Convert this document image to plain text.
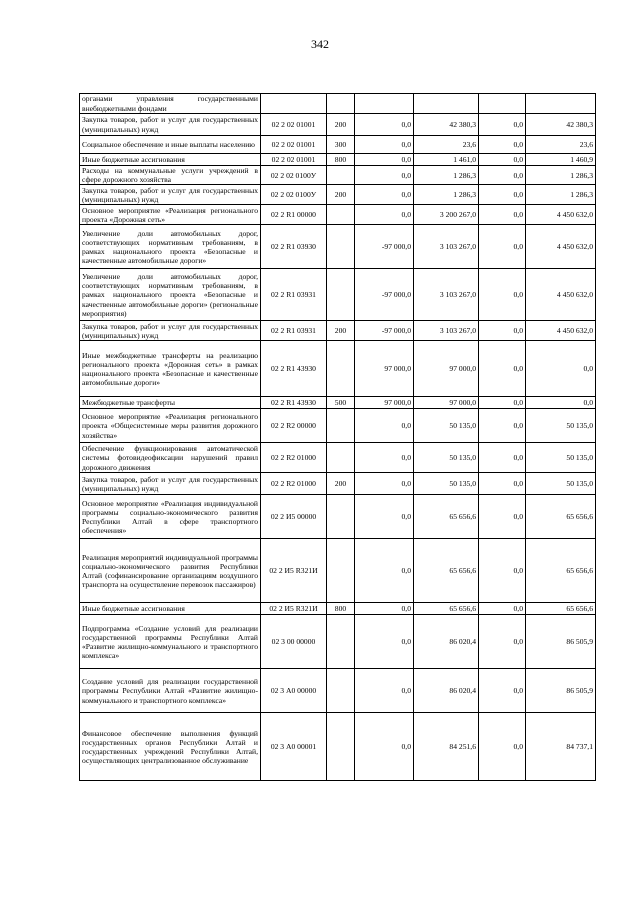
342
органами управления государственными внебюджетными фондами						
Закупка товаров, работ и услуг для государственных (муниципальных) нужд	02 2 02 01001	200	0,0	42 380,3	0,0	42 380,3
Социальное обеспечение и иные выплаты населению	02 2 02 01001	300	0,0	23,6	0,0	23,6
Иные бюджетные ассигнования	02 2 02 01001	800	0,0	1 461,0	0,0	1 460,9
Расходы на коммунальные услуги учреждений в сфере дорожного хозяйства	02 2 02 0100У		0,0	1 286,3	0,0	1 286,3
Закупка товаров, работ и услуг для государственных (муниципальных) нужд	02 2 02 0100У	200	0,0	1 286,3	0,0	1 286,3
Основное мероприятие «Реализация регионального проекта «Дорожная сеть»	02 2 R1 00000		0,0	3 200 267,0	0,0	4 450 632,0
Увеличение доли автомобильных дорог, соответствующих нормативным требованиям, в рамках национального проекта «Безопасные и качественные автомобильные дороги»	02 2 R1 03930		-97 000,0	3 103 267,0	0,0	4 450 632,0
Увеличение доли автомобильных дорог, соответствующих нормативным требованиям, в рамках национального проекта «Безопасные и качественные автомобильные дороги» (региональные мероприятия)	02 2 R1 03931		-97 000,0	3 103 267,0	0,0	4 450 632,0
Закупка товаров, работ и услуг для государственных (муниципальных) нужд	02 2 R1 03931	200	-97 000,0	3 103 267,0	0,0	4 450 632,0
Иные межбюджетные трансферты на реализацию регионального проекта «Дорожная сеть» в рамках национального проекта «Безопасные и качественные автомобильные дороги»	02 2 R1 43930		97 000,0	97 000,0	0,0	0,0
Межбюджетные трансферты	02 2 R1 43930	500	97 000,0	97 000,0	0,0	0,0
Основное мероприятие «Реализация регионального проекта «Общесистемные меры развития дорожного хозяйства»	02 2 R2 00000		0,0	50 135,0	0,0	50 135,0
Обеспечение функционирования автоматической системы фотовидеофиксации нарушений правил дорожного движения	02 2 R2 01000		0,0	50 135,0	0,0	50 135,0
Закупка товаров, работ и услуг для государственных (муниципальных) нужд	02 2 R2 01000	200	0,0	50 135,0	0,0	50 135,0
Основное мероприятие «Реализация индивидуальной программы социально-экономического развития Республики Алтай в сфере транспортного обеспечения»	02 2 И5 00000		0,0	65 656,6	0,0	65 656,6
Реализация мероприятий индивидуальной программы социально-экономического развития Республики Алтай (софинансирование организациям воздушного транспорта на осуществление перевозок пассажиров)	02 2 И5 R321И		0,0	65 656,6	0,0	65 656,6
Иные бюджетные ассигнования	02 2 И5 R321И	800	0,0	65 656,6	0,0	65 656,6
Подпрограмма «Создание условий для реализации государственной программы Республики Алтай «Развитие жилищно-коммунального и транспортного комплекса»	02 3 00 00000		0,0	86 020,4	0,0	86 505,9
Создание условий для реализации государственной программы Республики Алтай «Развитие жилищно-коммунального и транспортного комплекса»	02 3 А0 00000		0,0	86 020,4	0,0	86 505,9
Финансовое обеспечение выполнения функций государственных органов Республики Алтай и государственных учреждений Республики Алтай, осуществляющих централизованное обслуживание	02 3 А0 00001		0,0	84 251,6	0,0	84 737,1
